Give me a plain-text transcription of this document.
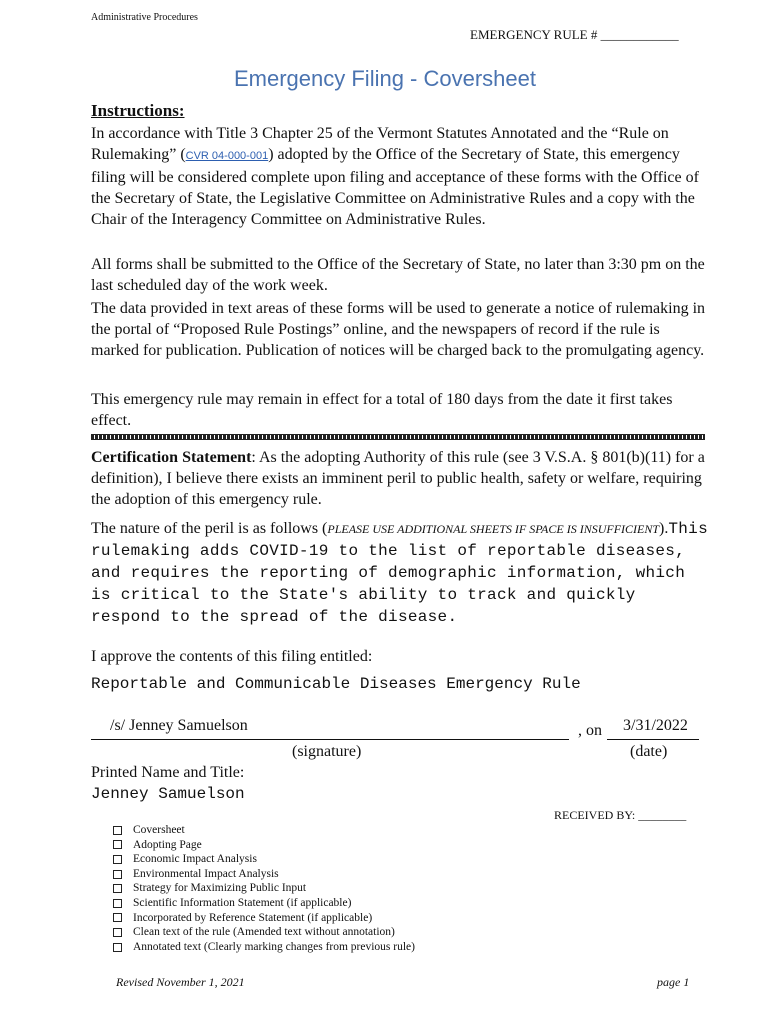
Administrative Procedures
EMERGENCY RULE # ____________
Emergency Filing - Coversheet
Instructions:
In accordance with Title 3 Chapter 25 of the Vermont Statutes Annotated and the “Rule on Rulemaking” (CVR 04-000-001) adopted by the Office of the Secretary of State, this emergency filing will be considered complete upon filing and acceptance of these forms with the Office of the Secretary of State, the Legislative Committee on Administrative Rules and a copy with the Chair of the Interagency Committee on Administrative Rules.
All forms shall be submitted to the Office of the Secretary of State, no later than 3:30 pm on the last scheduled day of the work week.
The data provided in text areas of these forms will be used to generate a notice of rulemaking in the portal of “Proposed Rule Postings” online, and the newspapers of record if the rule is marked for publication. Publication of notices will be charged back to the promulgating agency.
This emergency rule may remain in effect for a total of 180 days from the date it first takes effect.
Certification Statement: As the adopting Authority of this rule (see 3 V.S.A. § 801(b)(11) for a definition), I believe there exists an imminent peril to public health, safety or welfare, requiring the adoption of this emergency rule.
The nature of the peril is as follows (PLEASE USE ADDITIONAL SHEETS IF SPACE IS INSUFFICIENT).This rulemaking adds COVID-19 to the list of reportable diseases, and requires the reporting of demographic information, which is critical to the State's ability to track and quickly respond to the spread of the disease.
I approve the contents of this filing entitled:
Reportable and Communicable Diseases Emergency Rule
/s/ Jenney Samuelson	, on 3/31/2022
(signature)	(date)
Printed Name and Title:
Jenney Samuelson
RECEIVED BY: ________
Coversheet
Adopting Page
Economic Impact Analysis
Environmental Impact Analysis
Strategy for Maximizing Public Input
Scientific Information Statement (if applicable)
Incorporated by Reference Statement (if applicable)
Clean text of the rule (Amended text without annotation)
Annotated text (Clearly marking changes from previous rule)
Revised November 1, 2021	page 1
